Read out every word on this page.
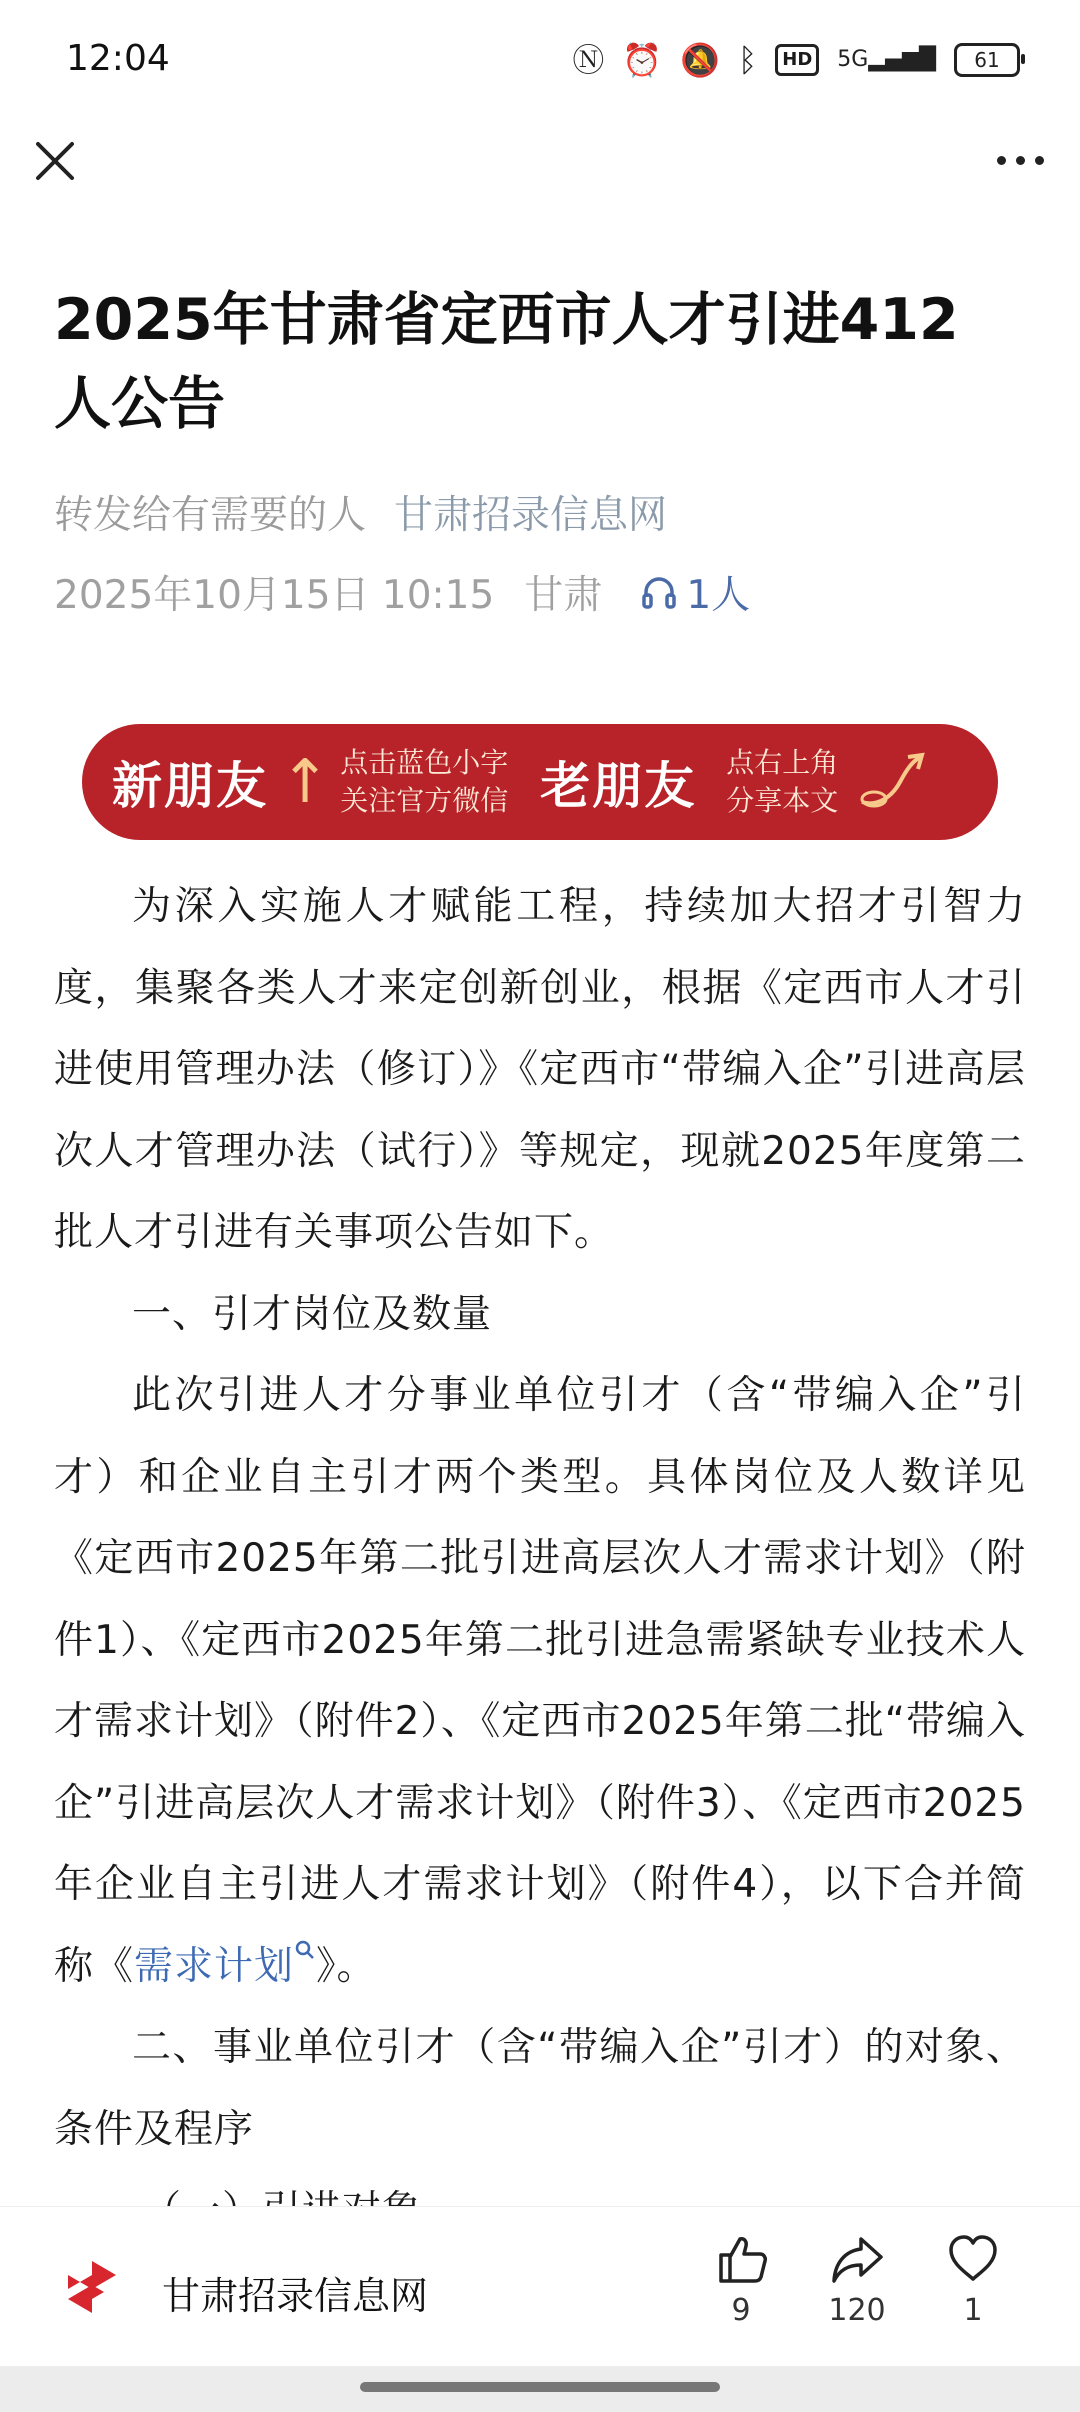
12:04	Ⓝ ⏰ 🔕 ᛒ	HD	5G▂▄▆█ 61
2025年甘肃省定西市人才引进412人公告
转发给有需要的人 甘肃招录信息网
2025年10月15日 10:15 甘肃 1人
新朋友 ↑ 点击蓝色小字
关注官方微信 老朋友 点右上角
分享本文

为深入实施人才赋能工程，持续加大招才引智力度，集聚各类人才来定创新创业，根据《定西市人才引进使用管理办法（修订）》《定西市“带编入企”引进高层次人才管理办法（试行）》等规定，现就2025年度第二批人才引进有关事项公告如下。

一、引才岗位及数量

此次引进人才分事业单位引才（含“带编入企”引才）和企业自主引才两个类型。具体岗位及人数详见《定西市2025年第二批引进高层次人才需求计划》（附件1）、《定西市2025年第二批引进急需紧缺专业技术人才需求计划》（附件2）、《定西市2025年第二批“带编入企”引进高层次人才需求计划》（附件3）、《定西市2025年企业自主引进人才需求计划》（附件4），以下合并简称《需求计划 》。

二、事业单位引才（含“带编入企”引才）的对象、条件及程序

甘肃招录信息网	9	120	1
